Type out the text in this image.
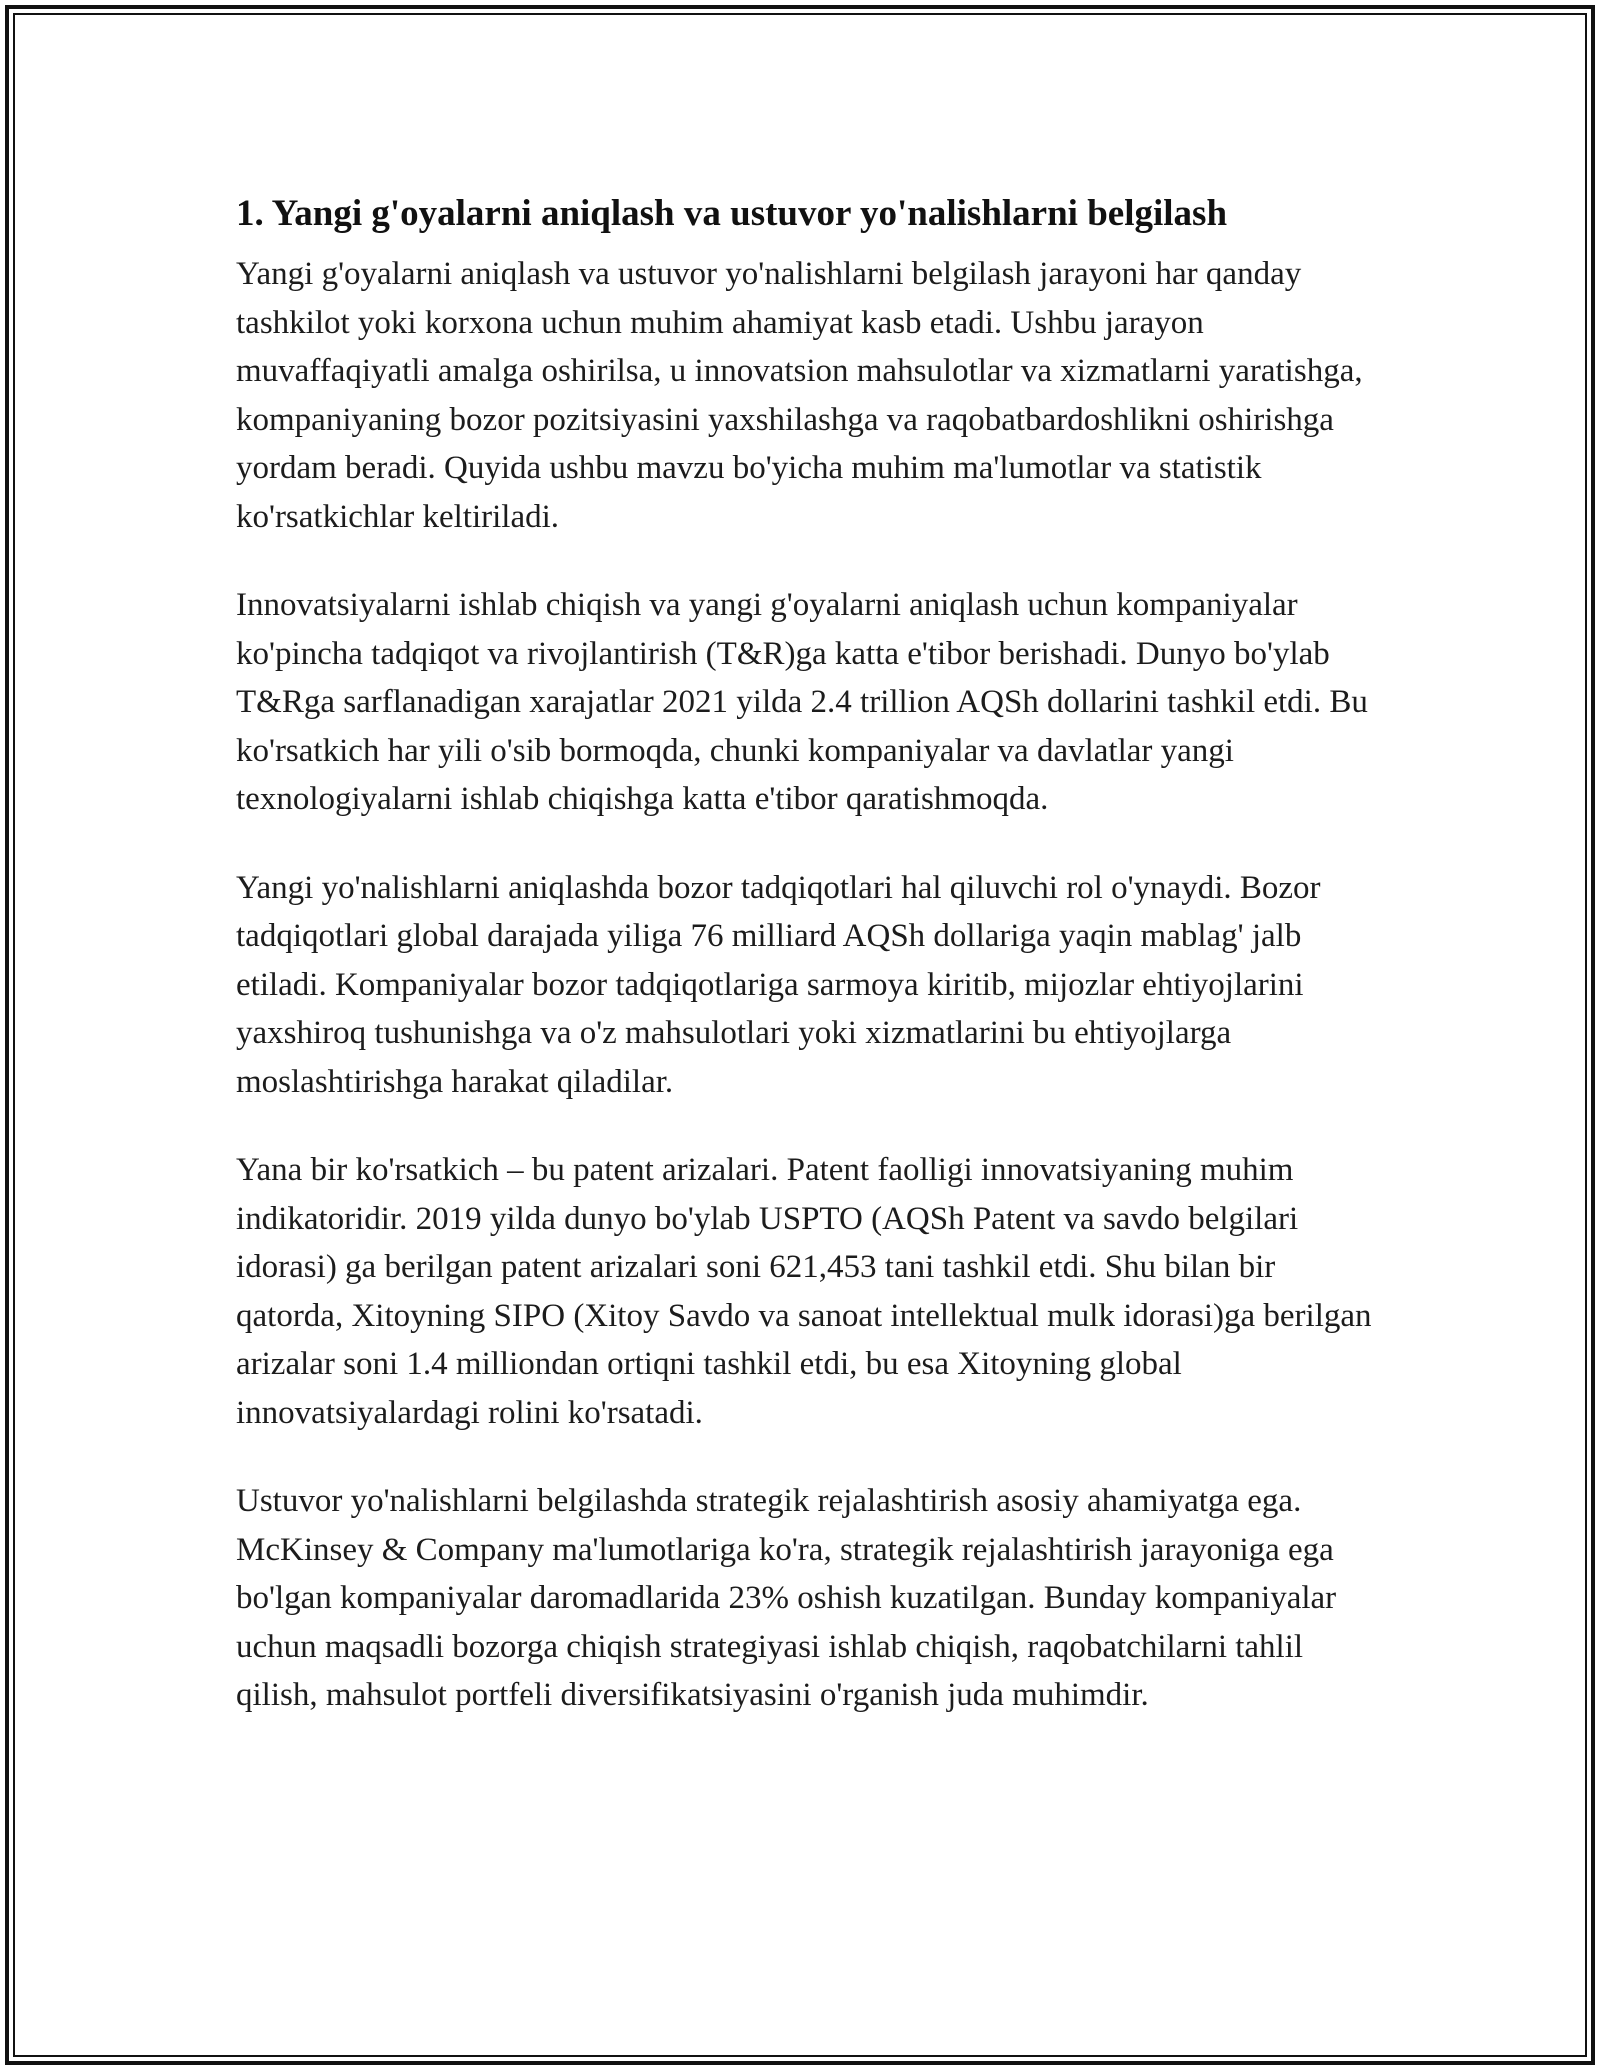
1. Yangi g'oyalarni aniqlash va ustuvor yo'nalishlarni belgilash

Yangi g'oyalarni aniqlash va ustuvor yo'nalishlarni belgilash jarayoni har qanday tashkilot yoki korxona uchun muhim ahamiyat kasb etadi. Ushbu jarayon muvaffaqiyatli amalga oshirilsa, u innovatsion mahsulotlar va xizmatlarni yaratishga, kompaniyaning bozor pozitsiyasini yaxshilashga va raqobatbardoshlikni oshirishga yordam beradi. Quyida ushbu mavzu bo'yicha muhim ma'lumotlar va statistik ko'rsatkichlar keltiriladi.

Innovatsiyalarni ishlab chiqish va yangi g'oyalarni aniqlash uchun kompaniyalar ko'pincha tadqiqot va rivojlantirish (T&R)ga katta e'tibor berishadi. Dunyo bo'ylab T&Rga sarflanadigan xarajatlar 2021 yilda 2.4 trillion AQSh dollarini tashkil etdi. Bu ko'rsatkich har yili o'sib bormoqda, chunki kompaniyalar va davlatlar yangi texnologiyalarni ishlab chiqishga katta e'tibor qaratishmoqda.

Yangi yo'nalishlarni aniqlashda bozor tadqiqotlari hal qiluvchi rol o'ynaydi. Bozor tadqiqotlari global darajada yiliga 76 milliard AQSh dollariga yaqin mablag' jalb etiladi. Kompaniyalar bozor tadqiqotlariga sarmoya kiritib, mijozlar ehtiyojlarini yaxshiroq tushunishga va o'z mahsulotlari yoki xizmatlarini bu ehtiyojlarga moslashtirishga harakat qiladilar.

Yana bir ko'rsatkich – bu patent arizalari. Patent faolligi innovatsiyaning muhim indikatoridir. 2019 yilda dunyo bo'ylab USPTO (AQSh Patent va savdo belgilari idorasi) ga berilgan patent arizalari soni 621,453 tani tashkil etdi. Shu bilan bir qatorda, Xitoyning SIPO (Xitoy Savdo va sanoat intellektual mulk idorasi)ga berilgan arizalar soni 1.4 milliondan ortiqni tashkil etdi, bu esa Xitoyning global innovatsiyalardagi rolini ko'rsatadi.

Ustuvor yo'nalishlarni belgilashda strategik rejalashtirish asosiy ahamiyatga ega. McKinsey & Company ma'lumotlariga ko'ra, strategik rejalashtirish jarayoniga ega bo'lgan kompaniyalar daromadlarida 23% oshish kuzatilgan. Bunday kompaniyalar uchun maqsadli bozorga chiqish strategiyasi ishlab chiqish, raqobatchilarni tahlil qilish, mahsulot portfeli diversifikatsiyasini o'rganish juda muhimdir.
